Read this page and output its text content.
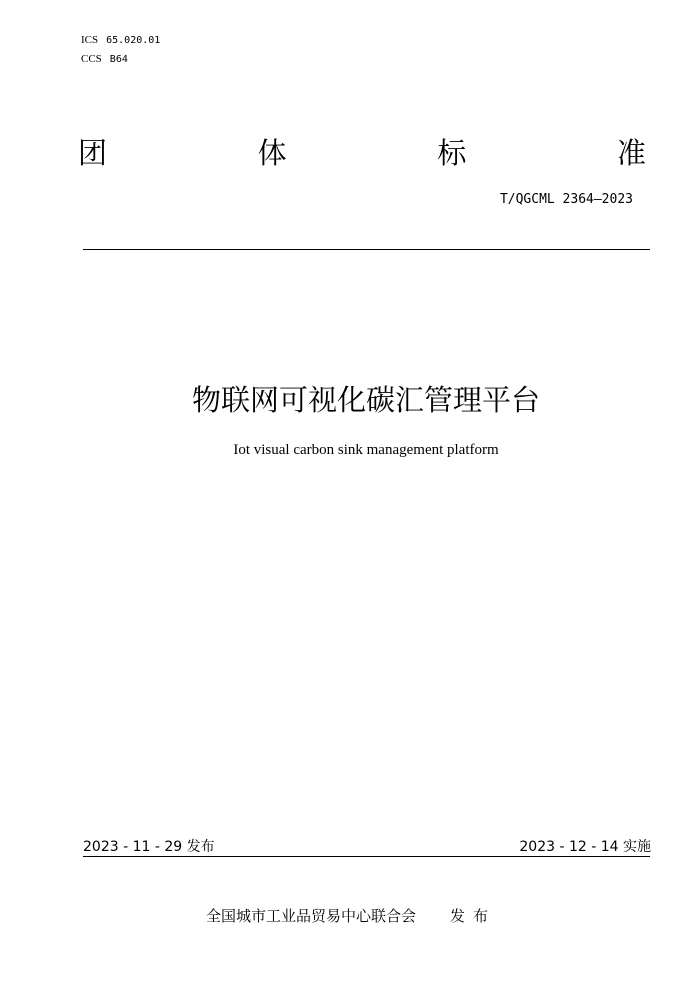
ICS 65.020.01
CCS B64
团	体	标	准
T/QGCML 2364—2023
物联网可视化碳汇管理平台
Iot visual carbon sink management platform
2023 - 11 - 29 发布	2023 - 12 - 14 实施
全国城市工业品贸易中心联合会 发布
